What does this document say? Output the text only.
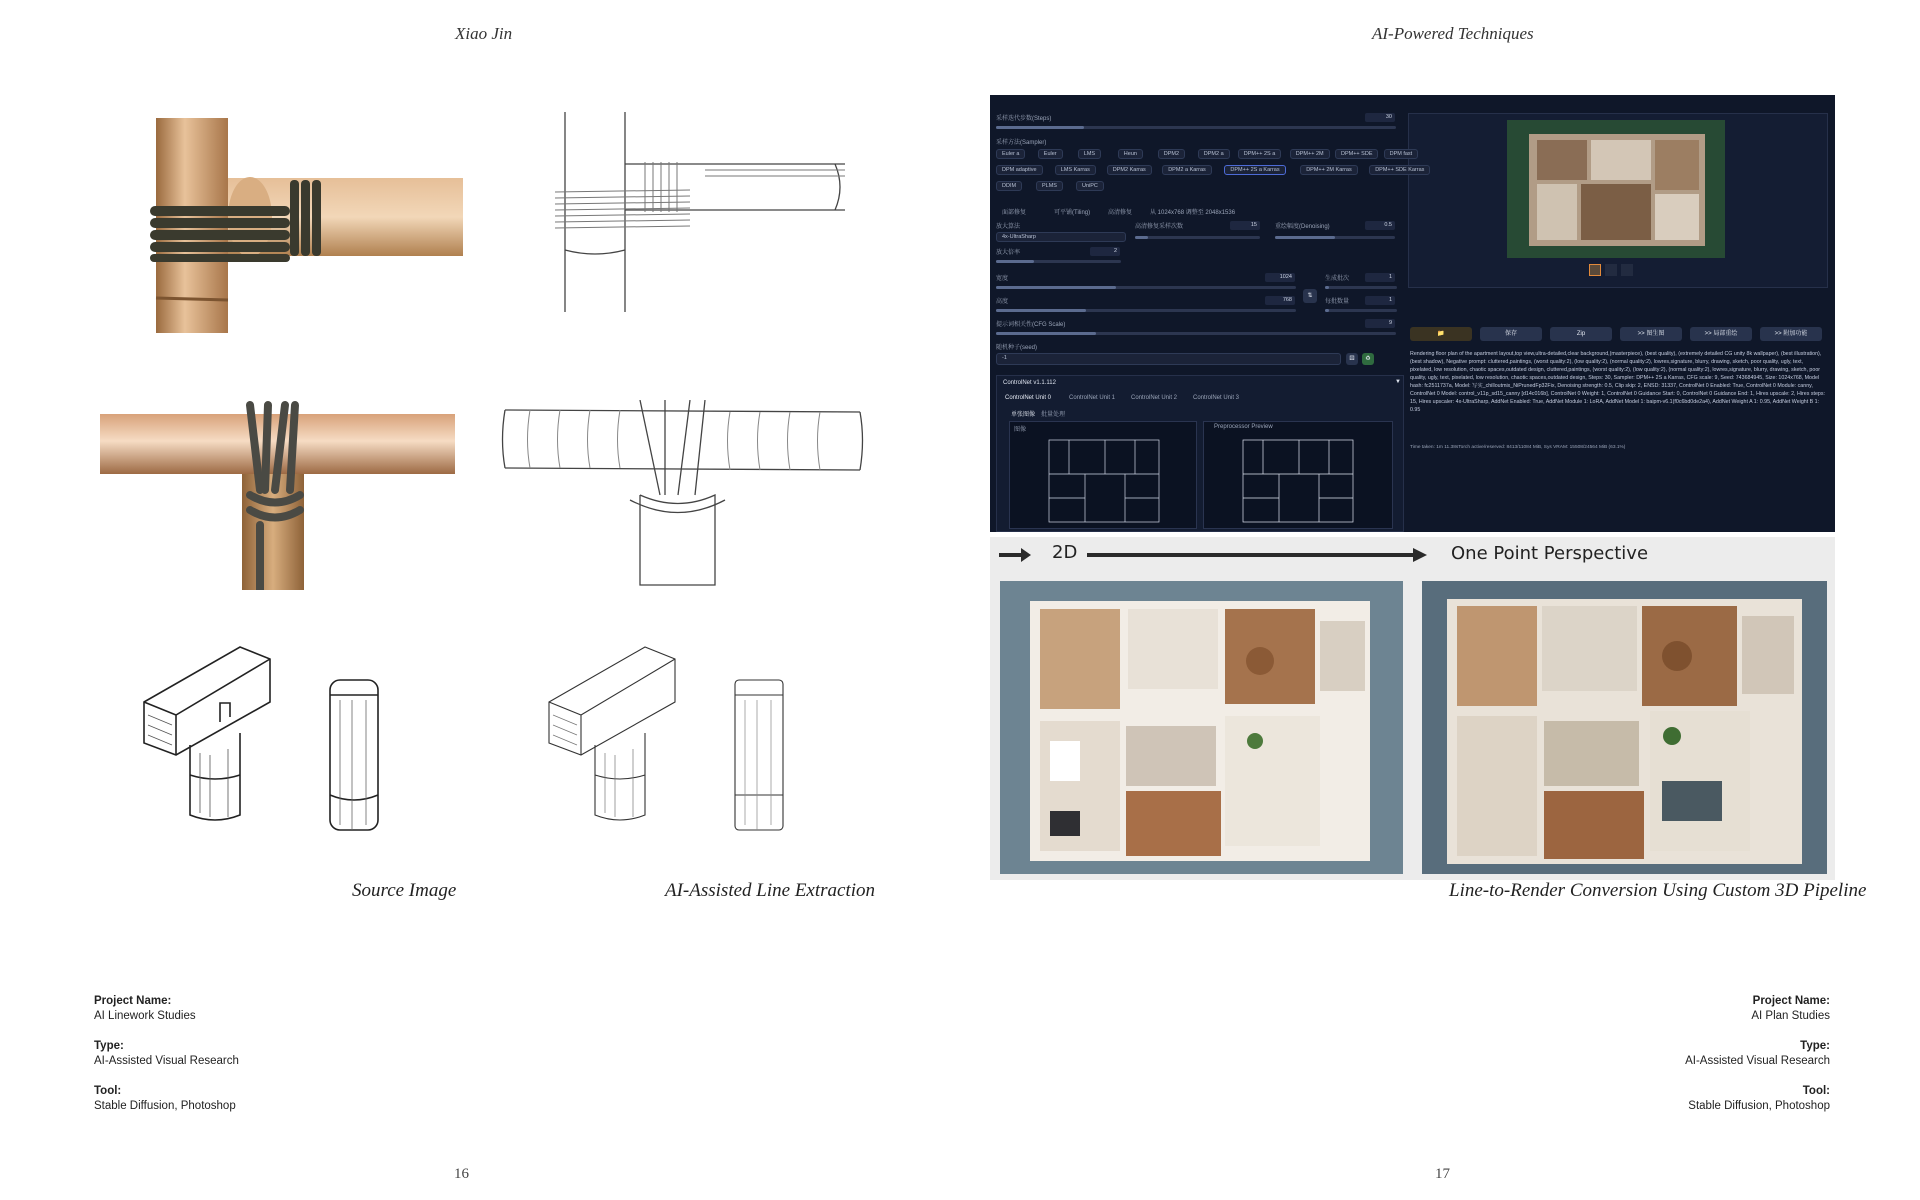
Xiao Jin	AI-Powered Techniques
Source Image	AI-Assisted Line Extraction
Project Name:
AI Linework Studies
Type:
AI-Assisted Visual Research
Tool:
Stable Diffusion, Photoshop
16
采样迭代步数(Steps)	30
采样方法(Sampler)
面部修复	可平铺(Tiling)	高清修复	从 1024x768 调整至 2048x1536
放大算法
4x-UltraSharp
高清修复采样次数	15	重绘幅度(Denoising)	0.5
放大倍率	2
宽度	1024
高度	768
⇅
生成批次	1
每批数量	1
提示词相关性(CFG Scale)	9
随机种子(seed)
-1	⚄	♻
ControlNet v1.1.112	▼
ControlNet Unit 0	ControlNet Unit 1	ControlNet Unit 2	ControlNet Unit 3
单张图像 批量处理
图像	Preprocessor Preview
📁	保存	Zip	>> 图生图	>> 局部重绘	>> 附加功能
Rendering floor plan of the apartment layout,top view,ultra-detailed,clear background,(masterpiece), (best quality), (extremely detailed CG unity 8k wallpaper), (best illustration), (best shadow), Negative prompt: cluttered,paintings, (worst quality:2), (low quality:2), (normal quality:2), lowres,signature, blurry, drawing, sketch, poor quality, ugly, text, pixelated, low resolution, chaotic spaces,outdated design, cluttered,paintings, (worst quality:2), (low quality:2), (normal quality:2), lowres,signature, blurry, drawing, sketch, poor quality, ugly, text, pixelated, low resolution, chaotic spaces,outdated design, Steps: 30, Sampler: DPM++ 2S a Karras, CFG scale: 9, Seed: 743684945, Size: 1024x768, Model hash: fc2511737a, Model: 写实_chilloutmix_NiPrunedFp32Fix, Denoising strength: 0.5, Clip skip: 2, ENSD: 31337, ControlNet 0 Enabled: True, ControlNet 0 Module: canny, ControlNet 0 Model: control_v11p_sd15_canny [d14c016b], ControlNet 0 Weight: 1, ControlNet 0 Guidance Start: 0, ControlNet 0 Guidance End: 1, Hires upscale: 2, Hires steps: 15, Hires upscaler: 4x-UltraSharp, AddNet Enabled: True, AddNet Module 1: LoRA, AddNet Model 1: baipm-v6.1(f0c6bd0de2a4), AddNet Weight A 1: 0.95, AddNet Weight B 1: 0.95
Time taken: 1m 11.38sTorch active/reserved: 8413/11084 MiB, Sys VRAM: 15508/24564 MiB (63.1%)
Euler a	Euler	LMS	Heun	DPM2	DPM2 a	DPM++ 2S a	DPM++ 2M	DPM++ SDE	DPM fast
DPM adaptive	LMS Karras	DPM2 Karras	DPM2 a Karras	DPM++ 2S a Karras	DPM++ 2M Karras	DPM++ SDE Karras
DDIM	PLMS	UniPC
2D	One Point Perspective
Line-to-Render Conversion Using Custom 3D Pipeline
Project Name:
AI Plan Studies
Type:
AI-Assisted Visual Research
Tool:
Stable Diffusion, Photoshop
17
